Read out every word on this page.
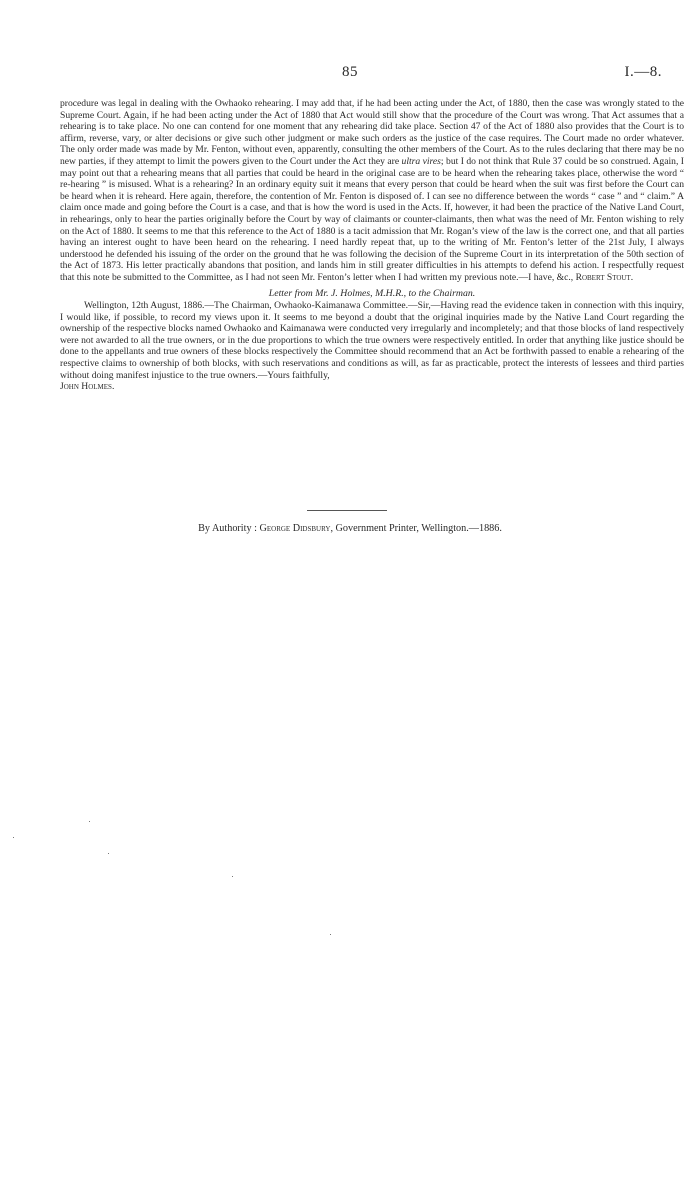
85	I.—8.

procedure was legal in dealing with the Owhaoko rehearing. I may add that, if he had been acting under the Act, of 1880, then the case was wrongly stated to the Supreme Court. Again, if he had been acting under the Act of 1880 that Act would still show that the procedure of the Court was wrong. That Act assumes that a rehearing is to take place. No one can contend for one moment that any rehearing did take place. Section 47 of the Act of 1880 also provides that the Court is to affirm, reverse, vary, or alter decisions or give such other judgment or make such orders as the justice of the case requires. The Court made no order whatever. The only order made was made by Mr. Fenton, without even, apparently, consulting the other members of the Court. As to the rules declaring that there may be no new parties, if they attempt to limit the powers given to the Court under the Act they are ultra vires; but I do not think that Rule 37 could be so construed. Again, I may point out that a rehearing means that all parties that could be heard in the original case are to be heard when the rehearing takes place, otherwise the word “ re-hearing ” is misused. What is a rehearing? In an ordinary equity suit it means that every person that could be heard when the suit was first before the Court can be heard when it is reheard. Here again, therefore, the contention of Mr. Fenton is disposed of. I can see no difference between the words “ case ” and “ claim.” A claim once made and going before the Court is a case, and that is how the word is used in the Acts. If, however, it had been the practice of the Native Land Court, in rehearings, only to hear the parties originally before the Court by way of claimants or counter-claimants, then what was the need of Mr. Fenton wishing to rely on the Act of 1880. It seems to me that this reference to the Act of 1880 is a tacit admission that Mr. Rogan’s view of the law is the correct one, and that all parties having an interest ought to have been heard on the rehearing. I need hardly repeat that, up to the writing of Mr. Fenton’s letter of the 21st July, I always understood he defended his issuing of the order on the ground that he was following the decision of the Supreme Court in its interpretation of the 50th section of the Act of 1873. His letter practically abandons that position, and lands him in still greater difficulties in his attempts to defend his action. I respectfully request that this note be submitted to the Committee, as I had not seen Mr. Fenton’s letter when I had written my previous note.—I have, &c., Robert Stout.

Letter from Mr. J. Holmes, M.H.R., to the Chairman.

Wellington, 12th August, 1886.—The Chairman, Owhaoko-Kaimanawa Committee.—Sir,—Having read the evidence taken in connection with this inquiry, I would like, if possible, to record my views upon it. It seems to me beyond a doubt that the original inquiries made by the Native Land Court regarding the ownership of the respective blocks named Owhaoko and Kaimanawa were conducted very irregularly and incompletely; and that those blocks of land respectively were not awarded to all the true owners, or in the due proportions to which the true owners were respectively entitled. In order that anything like justice should be done to the appellants and true owners of these blocks respectively the Committee should recommend that an Act be forthwith passed to enable a rehearing of the respective claims to ownership of both blocks, with such reservations and conditions as will, as far as practicable, protect the interests of lessees and third parties without doing manifest injustice to the true owners.—Yours faithfully,

John Holmes.

By Authority : George Didsbury, Government Printer, Wellington.—1886.
